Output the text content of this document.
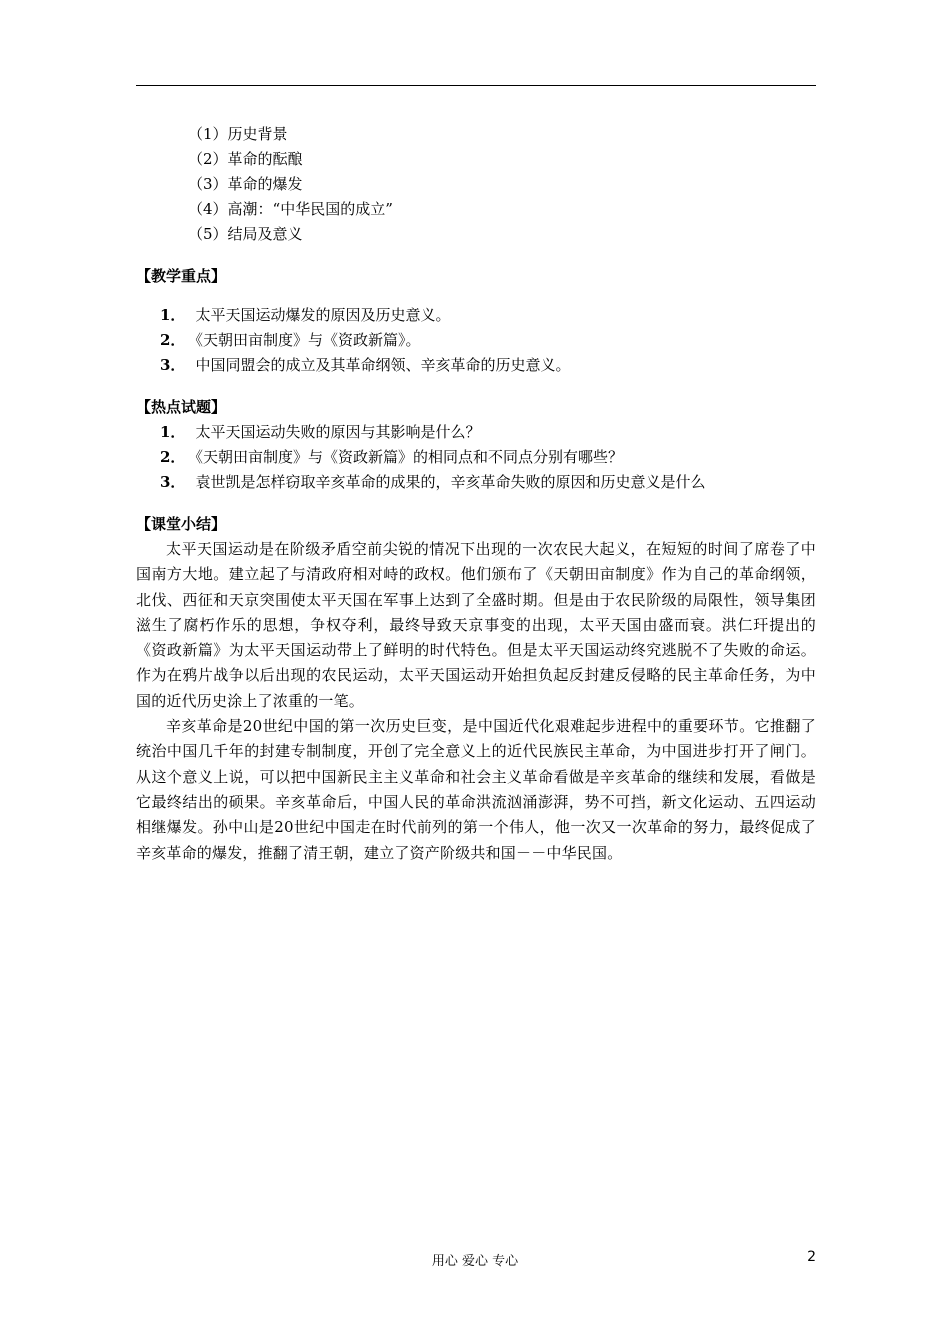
（1）历史背景
（2）革命的酝酿
（3）革命的爆发
（4）高潮：“中华民国的成立”
（5）结局及意义
【教学重点】
1． 太平天国运动爆发的原因及历史意义。
2． 《天朝田亩制度》与《资政新篇》。
3． 中国同盟会的成立及其革命纲领、辛亥革命的历史意义。
【热点试题】
1． 太平天国运动失败的原因与其影响是什么？
2． 《天朝田亩制度》与《资政新篇》的相同点和不同点分别有哪些？
3． 袁世凯是怎样窃取辛亥革命的成果的，辛亥革命失败的原因和历史意义是什么
【课堂小结】

太平天国运动是在阶级矛盾空前尖锐的情况下出现的一次农民大起义，在短短的时间了席卷了中国南方大地。建立起了与清政府相对峙的政权。他们颁布了《天朝田亩制度》作为自己的革命纲领，北伐、西征和天京突围使太平天国在军事上达到了全盛时期。但是由于农民阶级的局限性，领导集团滋生了腐朽作乐的思想，争权夺利，最终导致天京事变的出现，太平天国由盛而衰。洪仁玕提出的《资政新篇》为太平天国运动带上了鲜明的时代特色。但是太平天国运动终究逃脱不了失败的命运。作为在鸦片战争以后出现的农民运动，太平天国运动开始担负起反封建反侵略的民主革命任务，为中国的近代历史涂上了浓重的一笔。

辛亥革命是20世纪中国的第一次历史巨变，是中国近代化艰难起步进程中的重要环节。它推翻了统治中国几千年的封建专制制度，开创了完全意义上的近代民族民主革命，为中国进步打开了闸门。从这个意义上说，可以把中国新民主主义革命和社会主义革命看做是辛亥革命的继续和发展，看做是它最终结出的硕果。辛亥革命后，中国人民的革命洪流汹涌澎湃，势不可挡，新文化运动、五四运动相继爆发。孙中山是20世纪中国走在时代前列的第一个伟人，他一次又一次革命的努力，最终促成了辛亥革命的爆发，推翻了清王朝，建立了资产阶级共和国－－中华民国。

用心 爱心 专心	2
